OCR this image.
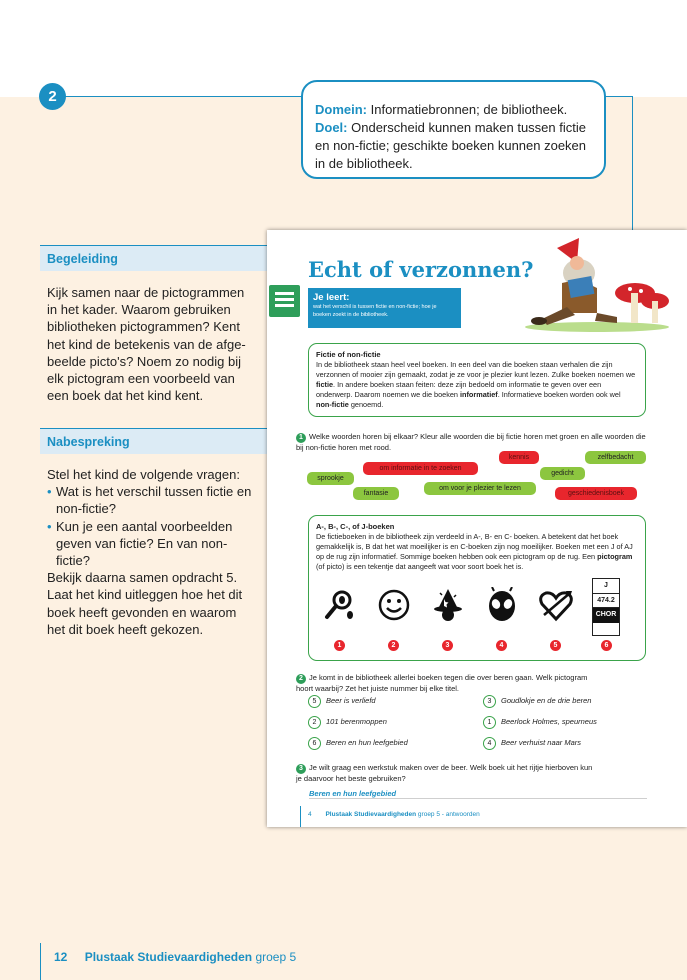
2
Domein: Informatiebronnen; de bibliotheek.
Doel: Onderscheid kunnen maken tussen fictie en non-fictie; geschikte boeken kunnen zoeken in de bibliotheek.
Begeleiding
Kijk samen naar de pictogrammen in het kader. Waarom gebruiken bibliotheken pictogrammen? Kent het kind de betekenis van de afge-beelde picto's? Noem zo nodig bij elk pictogram een voorbeeld van een boek dat het kind kent.
Nabespreking
Stel het kind de volgende vragen:
• Wat is het verschil tussen fictie en non-fictie?
• Kun je een aantal voorbeelden geven van fictie? En van non-fictie?
Bekijk daarna samen opdracht 5. Laat het kind uitleggen hoe het dit boek heeft gevonden en waarom het dit boek heeft gekozen.
12 Plustaak Studievaardigheden groep 5
Echt of verzonnen?
Je leert:
wat het verschil is tussen fictie en non-fictie; hoe je boeken zoekt in de bibliotheek.
Fictie of non-fictie
In de bibliotheek staan heel veel boeken. In een deel van die boeken staan verhalen die zijn verzonnen of mooier zijn gemaakt, zodat je ze voor je plezier kunt lezen. Zulke boeken noemen we fictie. In andere boeken staan feiten: deze zijn bedoeld om informatie te geven over een onderwerp. Daarom noemen we die boeken informatief. Informatieve boeken worden ook wel non-fictie genoemd.
1 Welke woorden horen bij elkaar? Kleur alle woorden die bij fictie horen met groen en alle woorden die bij non-fictie horen met rood.
om informatie in te zoeken
kennis	zelfbedacht
sprookje
gedicht
fantasie
om voor je plezier te lezen
geschiedenisboek
A-, B-, C-, of J-boeken
De fictieboeken in de bibliotheek zijn verdeeld in A-, B- en C- boeken. A betekent dat het boek gemakkelijk is, B dat het wat moeilijker is en C-boeken zijn nog moeilijker. Boeken met een J of AJ op de rug zijn informatief. Sommige boeken hebben ook een pictogram op de rug. Een pictogram (of picto) is een tekentje dat aangeeft wat voor soort boek het is.
J
474.2
CHOR
1	2	3	4	5	6
2 Je komt in de bibliotheek allerlei boeken tegen die over beren gaan. Welk pictogram hoort waarbij? Zet het juiste nummer bij elke titel.
5 Beer is verliefd	3 Goudlokje en de drie beren
2 101 berenmoppen	1 Beerlock Holmes, speurneus
6 Beren en hun leefgebied	4 Beer verhuist naar Mars
3 Je wilt graag een werkstuk maken over de beer. Welk boek uit het rijtje hierboven kun je daarvoor het beste gebruiken?
Beren en hun leefgebied
4 Plustaak Studievaardigheden groep 5 - antwoorden
